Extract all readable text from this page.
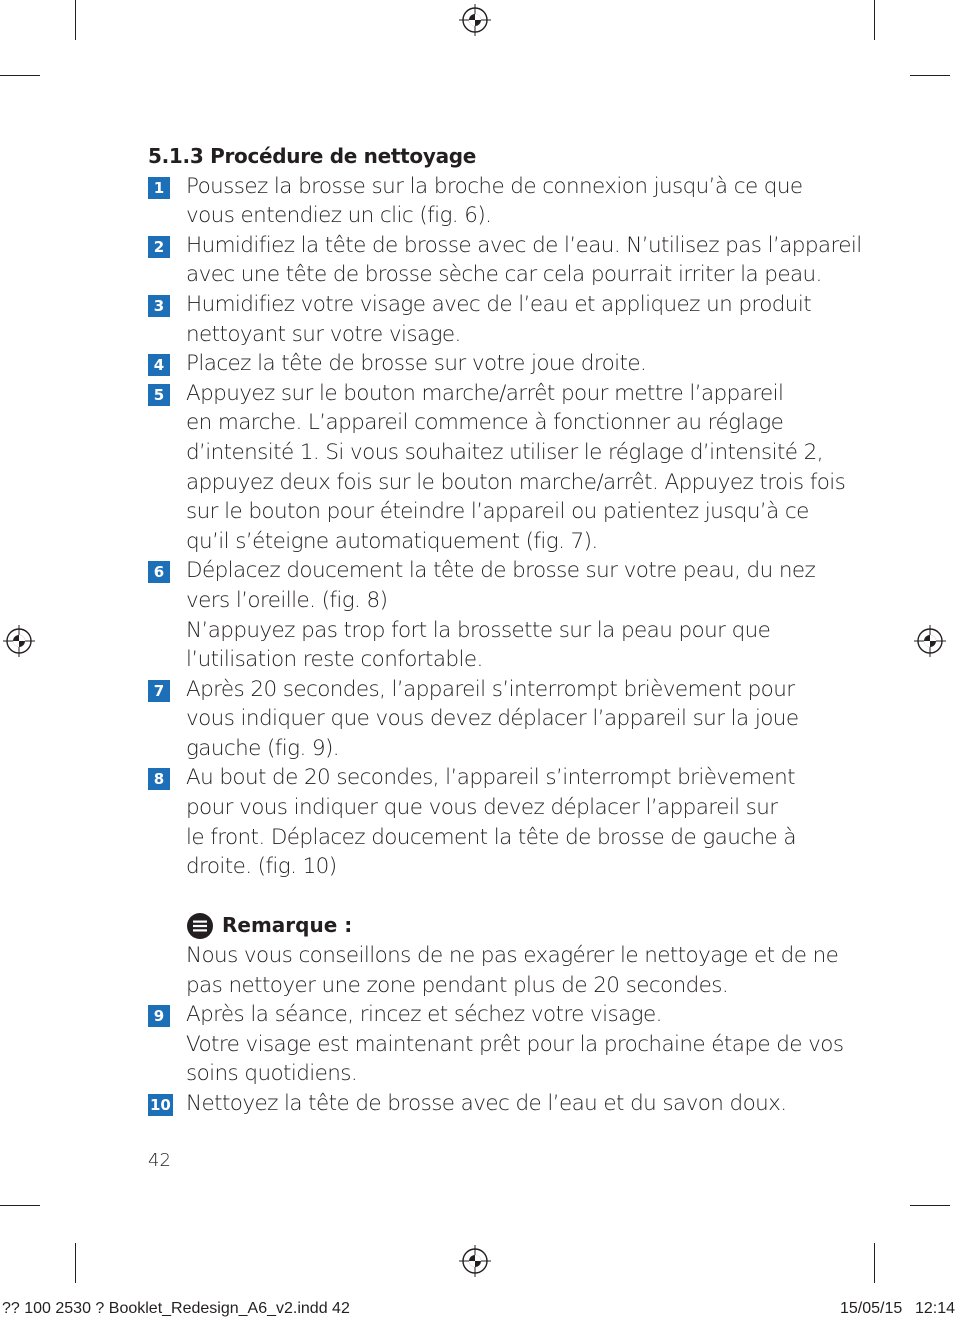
5.1.3 Procédure de nettoyage

1 Poussez la brosse sur la broche de connexion jusqu’à ce que
vous entendiez un clic (fig. 6).
2 Humidifiez la tête de brosse avec de l’eau. N’utilisez pas l’appareil
avec une tête de brosse sèche car cela pourrait irriter la peau.
3 Humidifiez votre visage avec de l’eau et appliquez un produit
nettoyant sur votre visage.
4 Placez la tête de brosse sur votre joue droite.
5 Appuyez sur le bouton marche/arrêt pour mettre l’appareil
en marche. L’appareil commence à fonctionner au réglage
d’intensité 1. Si vous souhaitez utiliser le réglage d’intensité 2,
appuyez deux fois sur le bouton marche/arrêt. Appuyez trois fois
sur le bouton pour éteindre l’appareil ou patientez jusqu’à ce
qu’il s’éteigne automatiquement (fig. 7).
6 Déplacez doucement la tête de brosse sur votre peau, du nez
vers l’oreille. (fig. 8)
N’appuyez pas trop fort la brossette sur la peau pour que
l’utilisation reste confortable.
7 Après 20 secondes, l’appareil s’interrompt brièvement pour
vous indiquer que vous devez déplacer l’appareil sur la joue
gauche (fig. 9).
8 Au bout de 20 secondes, l’appareil s’interrompt brièvement
pour vous indiquer que vous devez déplacer l’appareil sur
le front. Déplacez doucement la tête de brosse de gauche à
droite. (fig. 10)
Remarque :
Nous vous conseillons de ne pas exagérer le nettoyage et de ne
pas nettoyer une zone pendant plus de 20 secondes.
9 Après la séance, rincez et séchez votre visage.
Votre visage est maintenant prêt pour la prochaine étape de vos
soins quotidiens.
10 Nettoyez la tête de brosse avec de l’eau et du savon doux.
42
?? 100 2530 ? Booklet_Redesign_A6_v2.indd 42	15/05/15 12:14
